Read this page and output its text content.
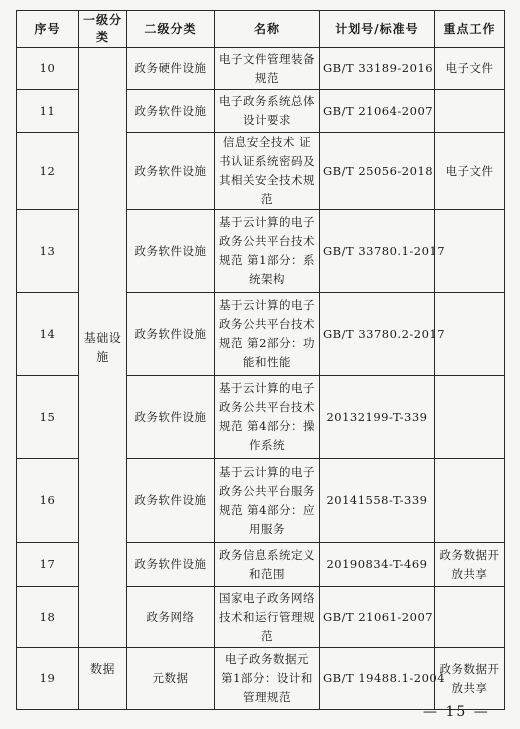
序号	一级分类	二级分类	名称	计划号/标准号	重点工作
10	基础设施	政务硬件设施	电子文件管理装备规范	GB/T 33189-2016	电子文件
11		政务软件设施	电子政务系统总体设计要求	GB/T 21064-2007	
12		政务软件设施	信息安全技术 证书认证系统密码及其相关安全技术规范	GB/T 25056-2018	电子文件
13		政务软件设施	基于云计算的电子政务公共平台技术规范 第1部分：系统架构	GB/T 33780.1-2017	
14		政务软件设施	基于云计算的电子政务公共平台技术规范 第2部分：功能和性能	GB/T 33780.2-2017	
15		政务软件设施	基于云计算的电子政务公共平台技术规范 第4部分：操作系统	20132199-T-339	
16		政务软件设施	基于云计算的电子政务公共平台服务规范 第4部分：应用服务	20141558-T-339	
17		政务软件设施	政务信息系统定义和范围	20190834-T-469	政务数据开放共享
18		政务网络	国家电子政务网络技术和运行管理规范	GB/T 21061-2007	
19	数据	元数据	电子政务数据元 第1部分：设计和管理规范	GB/T 19488.1-2004	政务数据开放共享
— 15 —
